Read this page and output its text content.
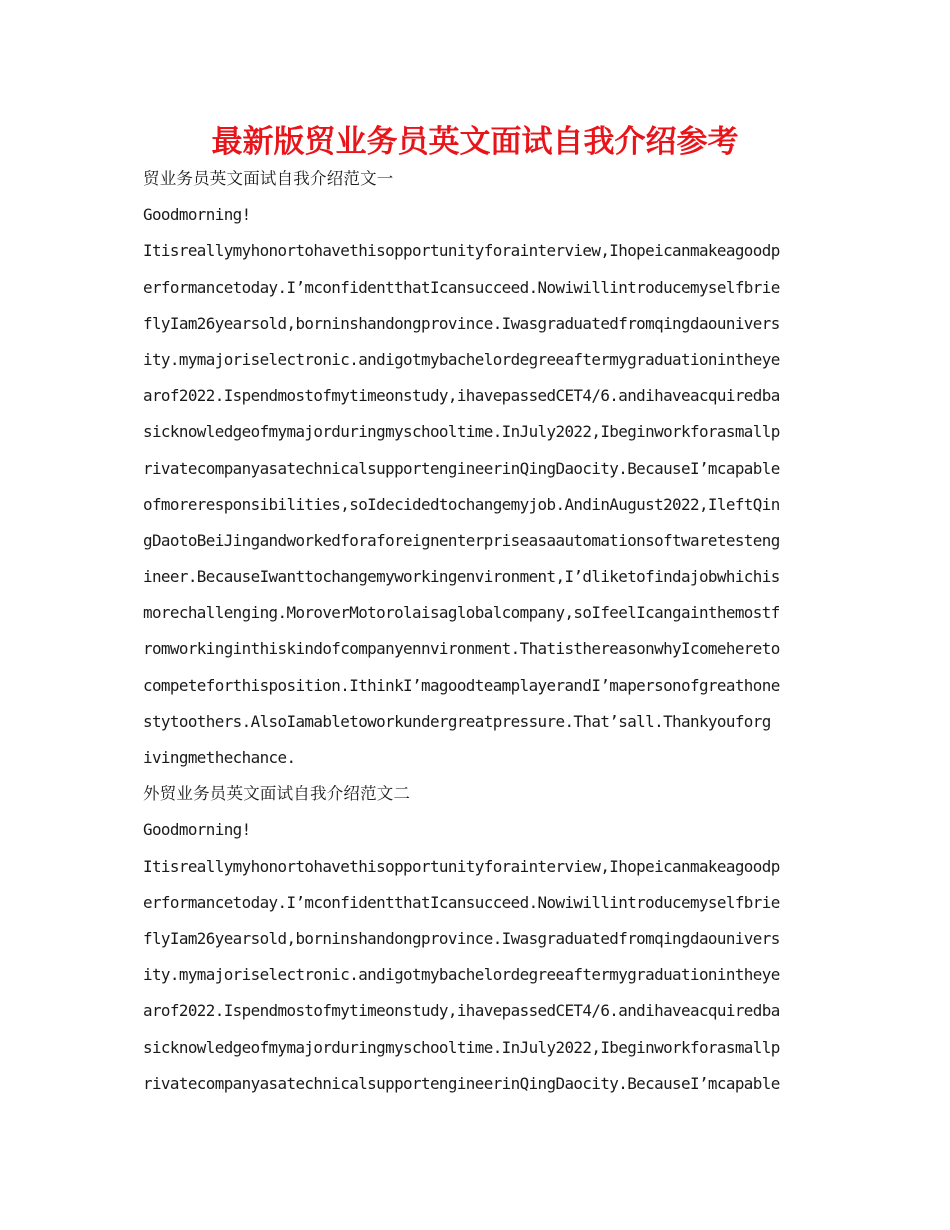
最新版贸业务员英文面试自我介绍参考
贸业务员英文面试自我介绍范文一
Goodmorning!
Itisreallymyhonortohavethisopportunityforainterview,Ihopeicanmakeagoodp
erformancetoday.I’mconfidentthatIcansucceed.Nowiwillintroducemyselfbrie
flyIam26yearsold,borninshandongprovince.Iwasgraduatedfromqingdaounivers
ity.mymajoriselectronic.andigotmybachelordegreeaftermygraduationintheye
arof2022.Ispendmostofmytimeonstudy,ihavepassedCET4/6.andihaveacquiredba
sicknowledgeofmymajorduringmyschooltime.InJuly2022,Ibeginworkforasmallp
rivatecompanyasatechnicalsupportengineerinQingDaocity.BecauseI’mcapable
ofmoreresponsibilities,soIdecidedtochangemyjob.AndinAugust2022,IleftQin
gDaotoBeiJingandworkedforaforeignenterpriseasaautomationsoftwaretesteng
ineer.BecauseIwanttochangemyworkingenvironment,I’dliketofindajobwhichis
morechallenging.MoroverMotorolaisaglobalcompany,soIfeelIcangainthemostf
romworkinginthiskindofcompanyennvironment.ThatisthereasonwhyIcomehereto
competeforthisposition.IthinkI’magoodteamplayerandI’mapersonofgreathone
stytoothers.AlsoIamabletoworkundergreatpressure.That’sall.Thankyouforg
ivingmethechance.
外贸业务员英文面试自我介绍范文二
Goodmorning!
Itisreallymyhonortohavethisopportunityforainterview,Ihopeicanmakeagoodp
erformancetoday.I’mconfidentthatIcansucceed.Nowiwillintroducemyselfbrie
flyIam26yearsold,borninshandongprovince.Iwasgraduatedfromqingdaounivers
ity.mymajoriselectronic.andigotmybachelordegreeaftermygraduationintheye
arof2022.Ispendmostofmytimeonstudy,ihavepassedCET4/6.andihaveacquiredba
sicknowledgeofmymajorduringmyschooltime.InJuly2022,Ibeginworkforasmallp
rivatecompanyasatechnicalsupportengineerinQingDaocity.BecauseI’mcapable
